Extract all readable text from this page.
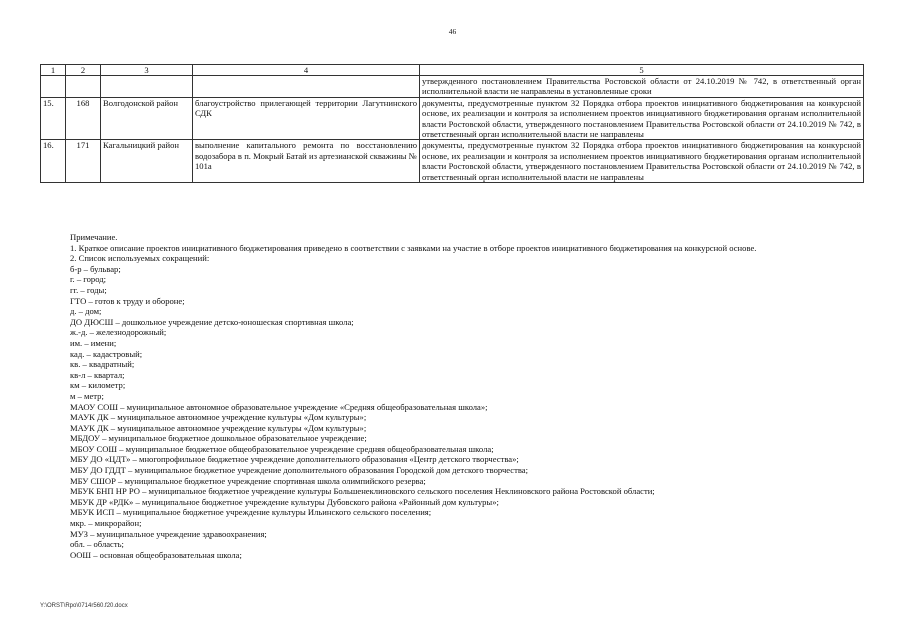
46
1	2	3	4	5
				утвержденного постановлением Правительства Ростовской области от 24.10.2019 № 742, в ответственный орган исполнительной власти не направлены в установленные сроки
15.	168	Волгодонской район	благоустройство прилегающей территории Лагутнинского СДК	документы, предусмотренные пунктом 32 Порядка отбора проектов инициативного бюджетирования на конкурсной основе, их реализации и контроля за исполнением проектов инициативного бюджетирования органам исполнительной власти Ростовской области, утвержденного постановлением Правительства Ростовской области от 24.10.2019 № 742, в ответственный орган исполнительной власти не направлены
16.	171	Кагальницкий район	выполнение капитального ремонта по восстановлению водозабора в п. Мокрый Батай из артезианской скважины № 101а	документы, предусмотренные пунктом 32 Порядка отбора проектов инициативного бюджетирования на конкурсной основе, их реализации и контроля за исполнением проектов инициативного бюджетирования органам исполнительной власти Ростовской области, утвержденного постановлением Правительства Ростовской области от 24.10.2019 № 742, в ответственный орган исполнительной власти не направлены

Примечание.

1. Краткое описание проектов инициативного бюджетирования приведено в соответствии с заявками на участие в отборе проектов инициативного бюджетирования на конкурсной основе.

2. Список используемых сокращений:

б-р – бульвар;
г. – город;
гг. – годы;
ГТО – готов к труду и обороне;
д. – дом;
ДО ДЮСШ – дошкольное учреждение детско-юношеская спортивная школа;
ж.-д. – железнодорожный;
им. – имени;
кад. – кадастровый;
кв. – квадратный;
кв-л – квартал;
км – километр;
м – метр;
МАОУ СОШ – муниципальное автономное образовательное учреждение «Средняя общеобразовательная школа»;
МАУК ДК – муниципальное автономное учреждение культуры «Дом культуры»;
МАУК ДК – муниципальное автономное учреждение культуры «Дом культуры»;
МБДОУ – муниципальное бюджетное дошкольное образовательное учреждение;
МБОУ СОШ – муниципальное бюджетное общеобразовательное учреждение средняя общеобразовательная школа;
МБУ ДО «ЦДТ» – многопрофильное бюджетное учреждение дополнительного образования «Центр детского творчества»;
МБУ ДО ГДДТ – муниципальное бюджетное учреждение дополнительного образования Городской дом детского творчества;
МБУ СШОР – муниципальное бюджетное учреждение спортивная школа олимпийского резерва;
МБУК БНП НР РО – муниципальное бюджетное учреждение культуры Большенеклиновского сельского поселения Неклиновского района Ростовской области;
МБУК ДР «РДК» – муниципальное бюджетное учреждение культуры Дубовского района «Районный дом культуры»;
МБУК ИСП – муниципальное бюджетное учреждение культуры Ильинского сельского поселения;
мкр. – микрорайон;
МУЗ – муниципальное учреждение здравоохранения;
обл. – область;
ООШ – основная общеобразовательная школа;
Y:\ORST\Rpo\0714r560.f20.docx
